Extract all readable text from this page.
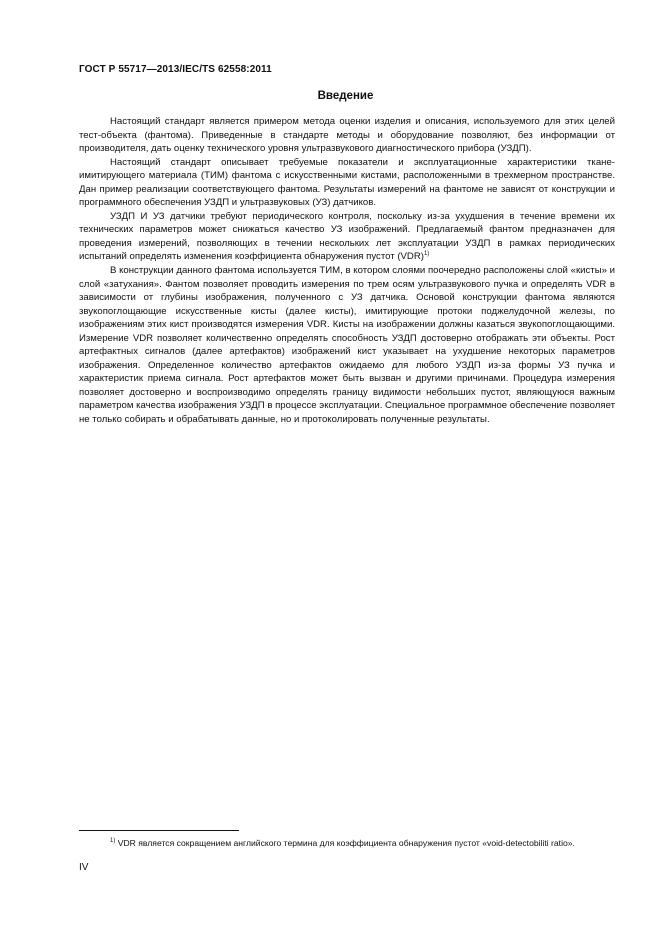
ГОСТ Р 55717—2013/IEC/TS 62558:2011
Введение

Настоящий стандарт является примером метода оценки изделия и описания, используемого для этих целей тест-объекта (фантома). Приведенные в стандарте методы и оборудование позволяют, без информации от производителя, дать оценку технического уровня ультразвукового диагностического прибора (УЗДП).

Настоящий стандарт описывает требуемые показатели и эксплуатационные характеристики ткане-имитирующего материала (ТИМ) фантома с искусственными кистами, расположенными в трехмерном пространстве. Дан пример реализации соответствующего фантома. Результаты измерений на фантоме не зависят от конструкции и программного обеспечения УЗДП и ультразвуковых (УЗ) датчиков.

УЗДП И УЗ датчики требуют периодического контроля, поскольку из-за ухудшения в течение времени их технических параметров может снижаться качество УЗ изображений. Предлагаемый фантом предназначен для проведения измерений, позволяющих в течении нескольких лет эксплуатации УЗДП в рамках периодических испытаний определять изменения коэффициента обнаружения пустот (VDR)$^{1)}$

В конструкции данного фантома используется ТИМ, в котором слоями поочередно расположены слой «кисты» и слой «затухания». Фантом позволяет проводить измерения по трем осям ультразвукового пучка и определять VDR в зависимости от глубины изображения, полученного с УЗ датчика. Основой конструкции фантома являются звукопоглощающие искусственные кисты (далее кисты), имитирующие протоки поджелудочной железы, по изображениям этих кист производятся измерения VDR. Кисты на изображении должны казаться звукопоглощающими. Измерение VDR позволяет количественно определять способность УЗДП достоверно отображать эти объекты. Рост артефактных сигналов (далее артефактов) изображений кист указывает на ухудшение некоторых параметров изображения. Определенное количество артефактов ожидаемо для любого УЗДП из-за формы УЗ пучка и характеристик приема сигнала. Рост артефактов может быть вызван и другими причинами. Процедура измерения позволяет достоверно и воспроизводимо определять границу видимости небольших пустот, являющуюся важным параметром качества изображения УЗДП в процессе эксплуатации. Специальное программное обеспечение позволяет не только собирать и обрабатывать данные, но и протоколировать полученные результаты.

$^{1)}$ VDR является сокращением английского термина для коэффициента обнаружения пустот «void-detectobiliti ratio».
IV
